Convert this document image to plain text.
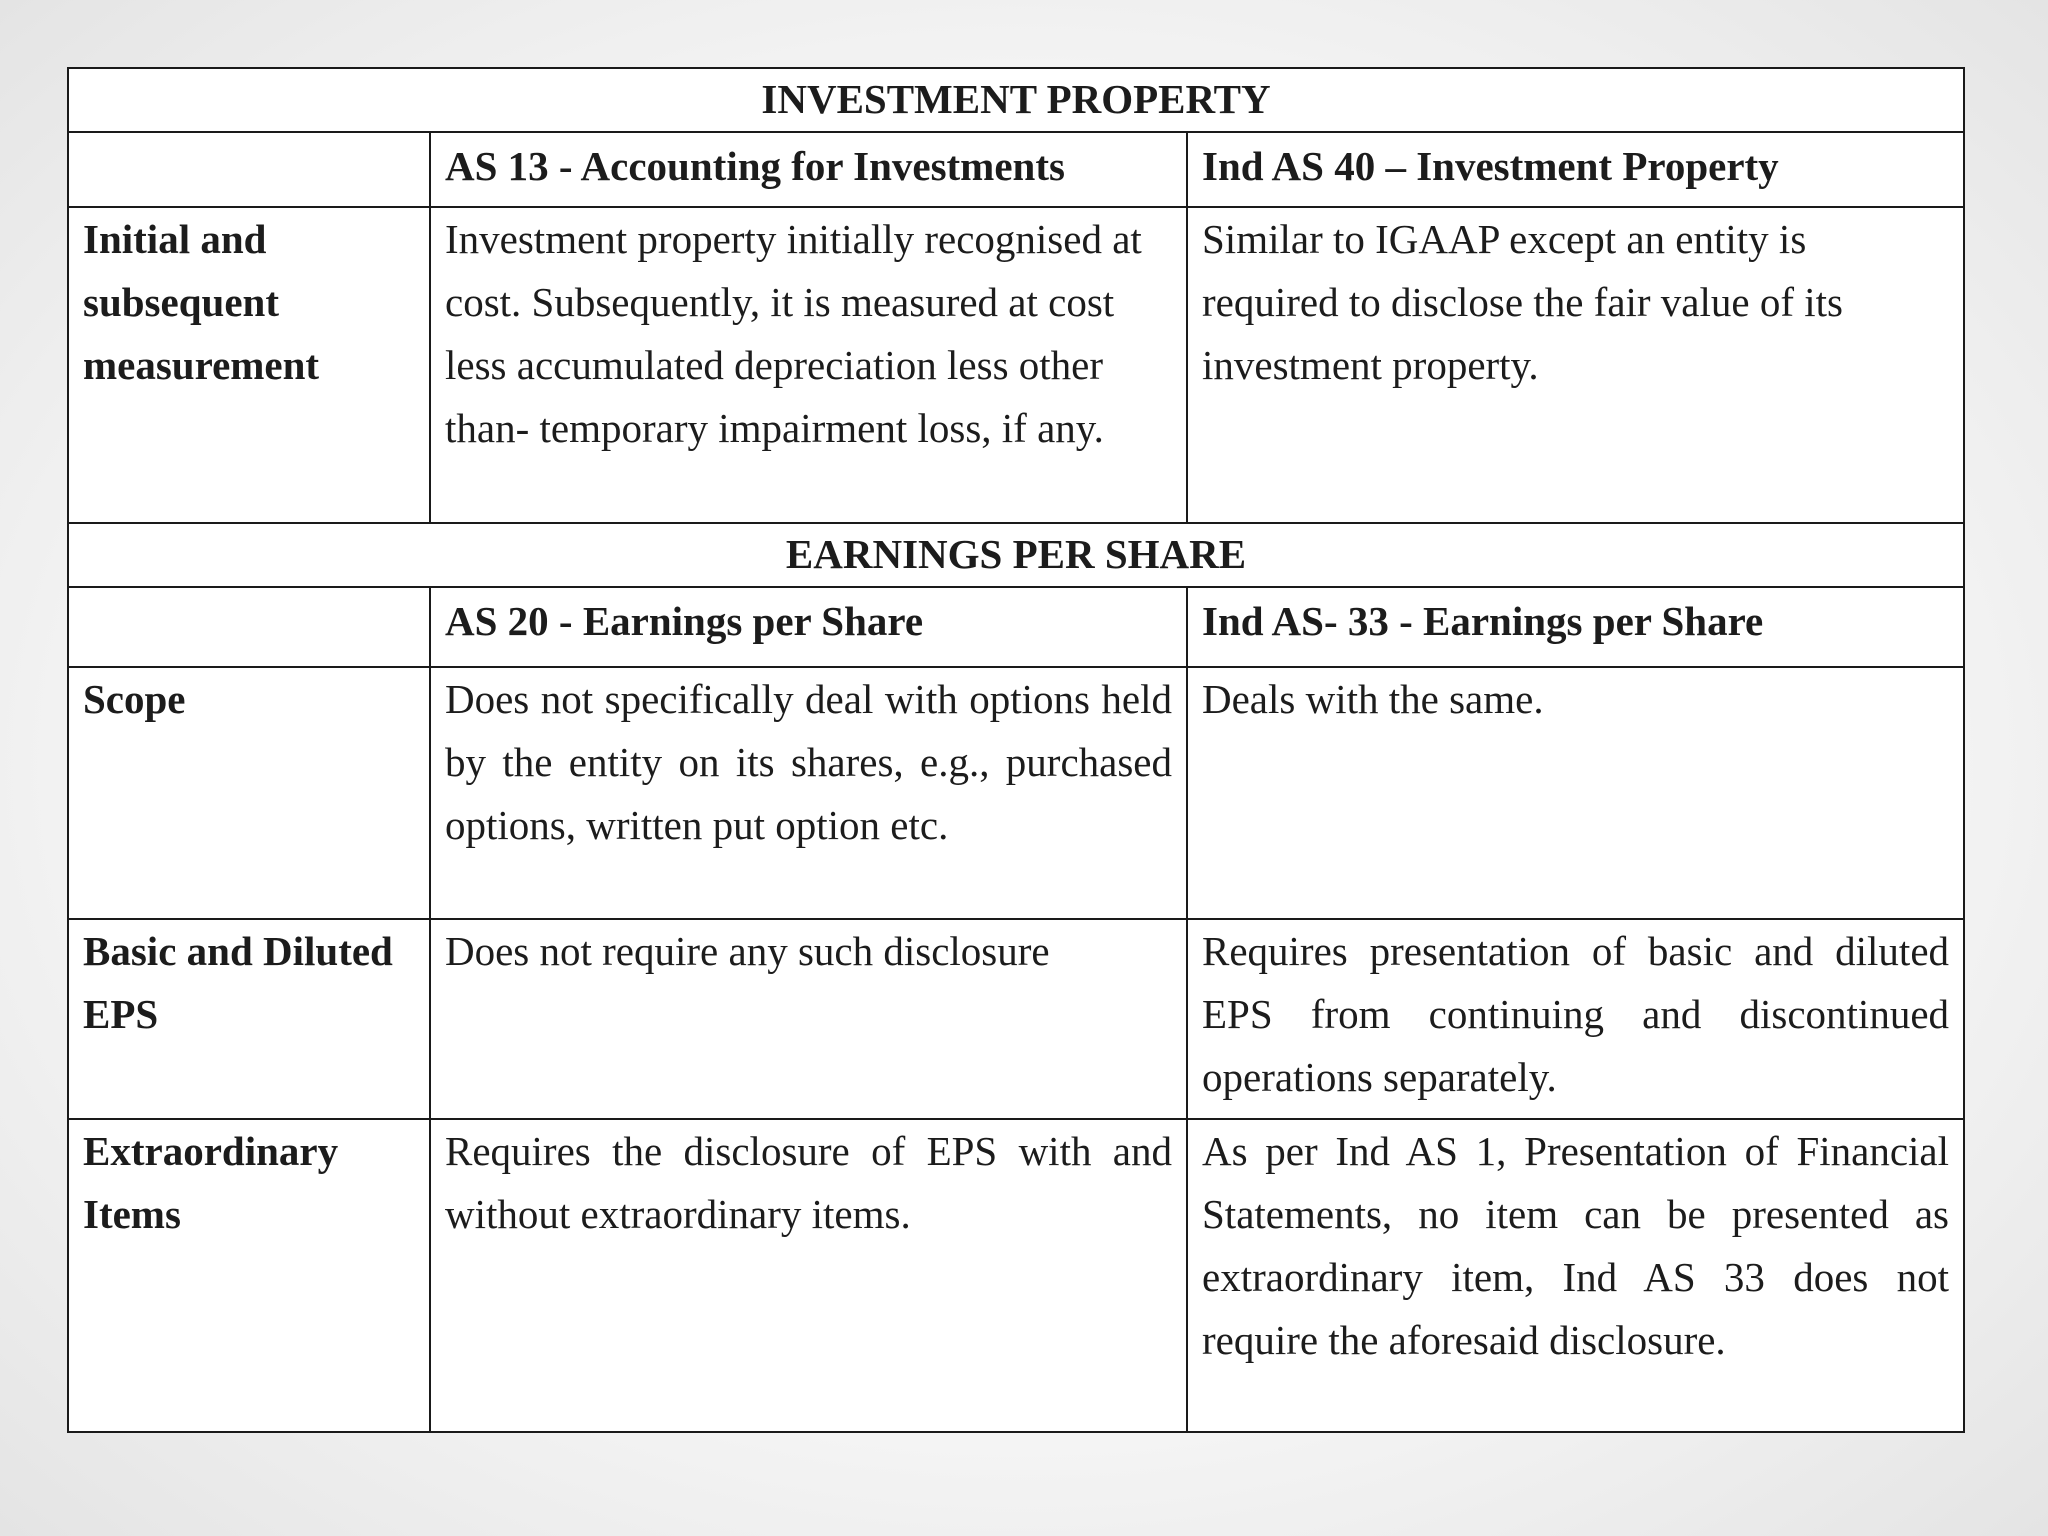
INVESTMENT PROPERTY		
	AS 13 - Accounting for Investments	Ind AS 40 – Investment Property
Initial and subsequent measurement	Investment property initially recognised at cost. Subsequently, it is measured at cost less accumulated depreciation less other than- temporary impairment loss, if any.	Similar to IGAAP except an entity is required to disclose the fair value of its investment property.
EARNINGS PER SHARE		
	AS 20 - Earnings per Share	Ind AS- 33 - Earnings per Share
Scope	Does not specifically deal with options held by the entity on its shares, e.g., purchased options, written put option etc.	Deals with the same.
Basic and Diluted EPS	Does not require any such disclosure	Requires presentation of basic and diluted EPS from continuing and discontinued operations separately.
Extraordinary Items	Requires the disclosure of EPS with and without extraordinary items.	As per Ind AS 1, Presentation of Financial Statements, no item can be presented as extraordinary item, Ind AS 33 does not require the aforesaid disclosure.
